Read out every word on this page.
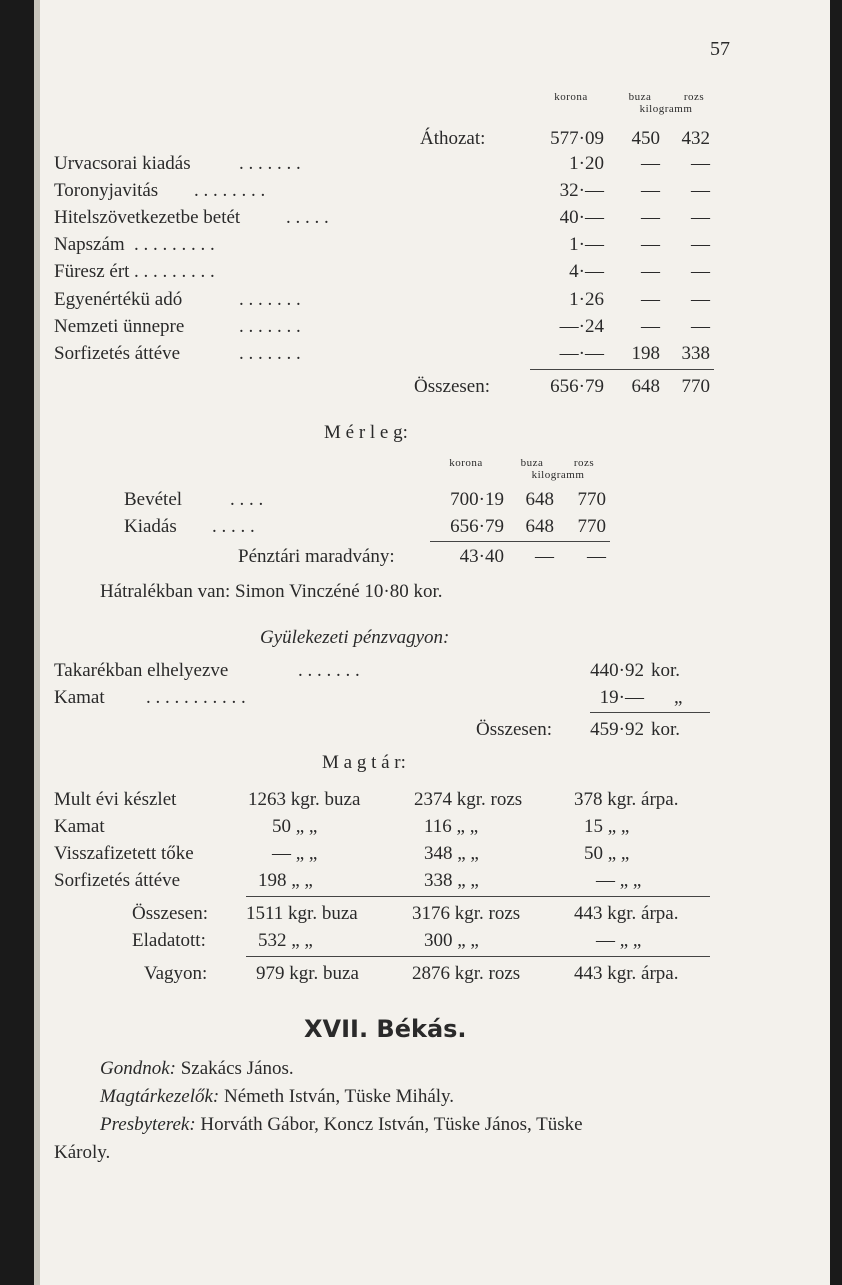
57
korona	buza	rozs
kilogramm
Áthozat:	577·09	450	432
Urvacsorai kiadás	. . . . . . .	1·20	—	—
Toronyjavitás . . . . . . . .	32·—	—	—
Hitelszövetkezetbe betét . . . . .	40·—	—	—
Napszám . . . . . . . . .	1·—	—	—
Füresz ért . . . . . . . . .	4·—	—	—
Egyenértékü adó	. . . . . . .	1·26	—	—
Nemzeti ünnepre	. . . . . . .	—·24	—	—
Sorfizetés áttéve	. . . . . . .	—·—	198	338
Összesen:	656·79	648	770
M é r l e g:
korona	buza	rozs
kilogramm
Bevétel	. . . .	700·19	648	770
Kiadás . . . . .	656·79	648	770
Pénztári maradvány:	43·40	—	—
Hátralékban van: Simon Vinczéné 10·80 kor.
Gyülekezeti pénzvagyon:
Takarékban elhelyezve	. . . . . . .	440·92 kor.
Kamat . . . . . . . . . . .	19·— „
Összesen:	459·92 kor.
M a g t á r:
Mult évi készlet	1263 kgr. buza	2374 kgr. rozs	378 kgr. árpa.
Kamat	50 „ „	116 „ „	15 „ „
Visszafizetett tőke	— „ „	348 „ „	50 „ „
Sorfizetés áttéve	198 „ „	338 „ „	— „ „
Összesen: 1511 kgr. buza	3176 kgr. rozs	443 kgr. árpa.
Eladatott:	532 „ „	300 „ „	— „ „
Vagyon:	979 kgr. buza	2876 kgr. rozs	443 kgr. árpa.
XVII. Békás.
Gondnok: Szakács János.
Magtárkezelők: Németh István, Tüske Mihály.
Presbyterek: Horváth Gábor, Koncz István, Tüske János, Tüske
Károly.
